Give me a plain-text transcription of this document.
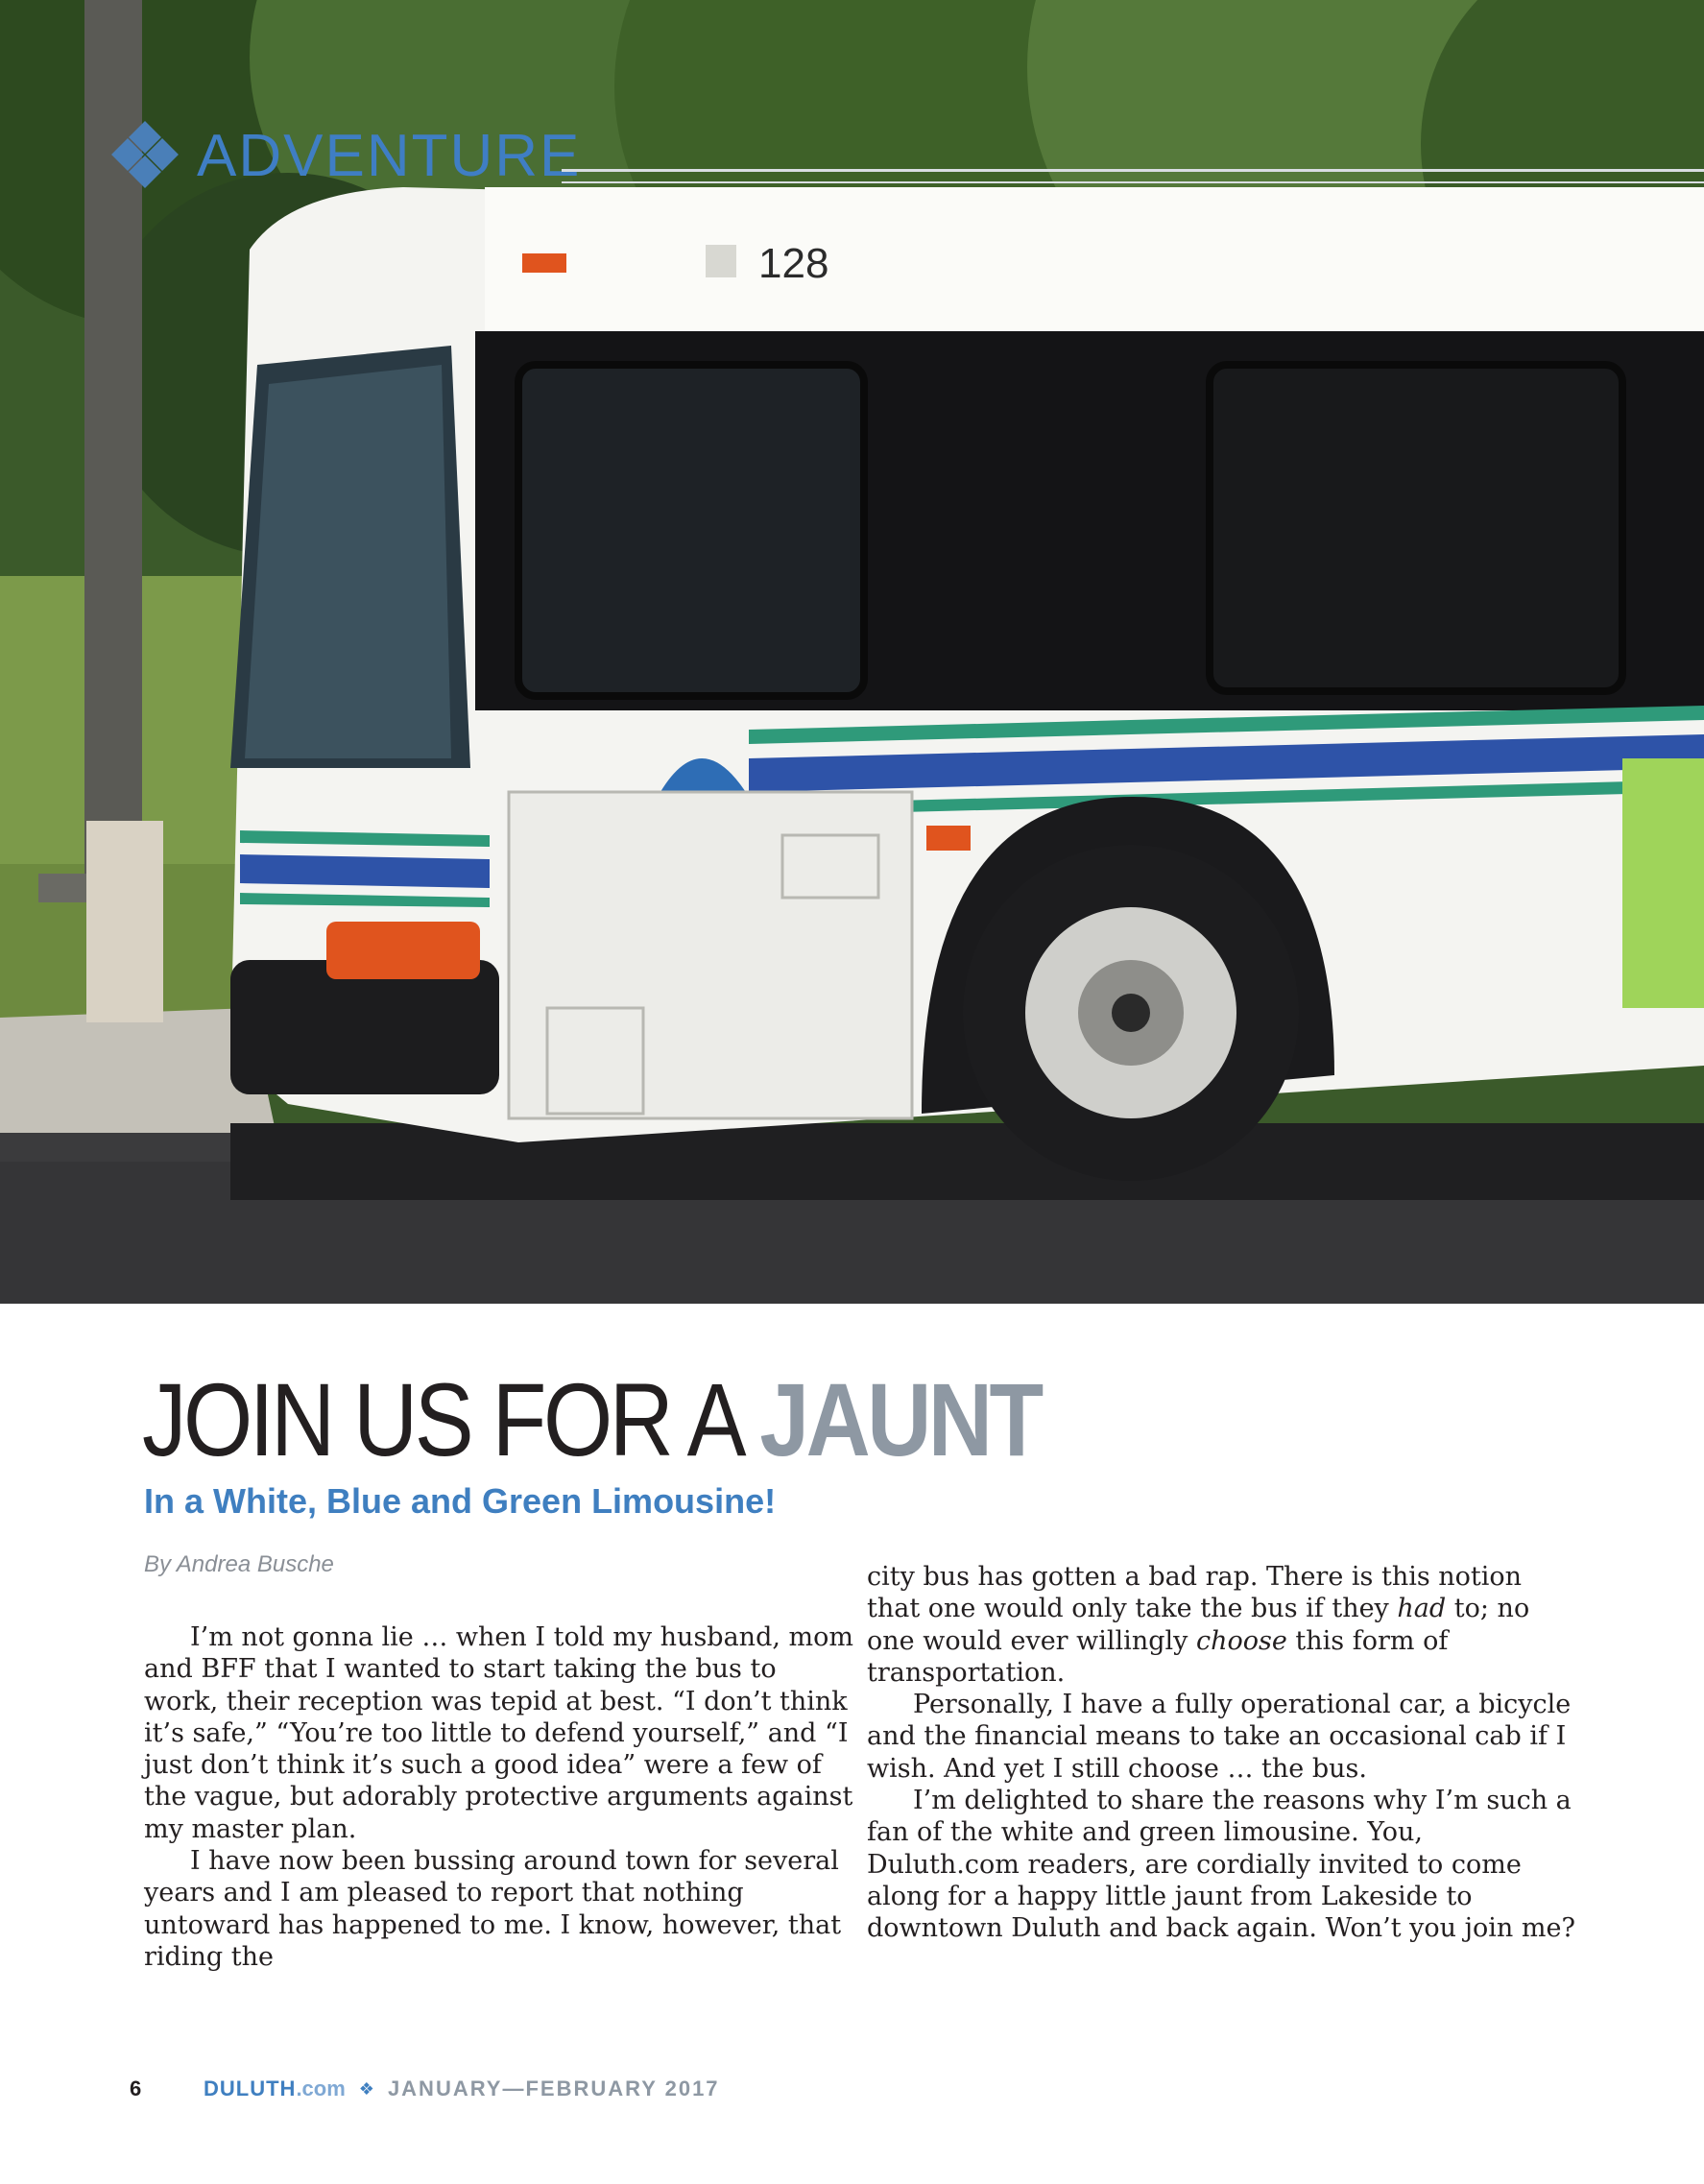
128
ADVENTURE
JOIN US FOR A JAUNT
In a White, Blue and Green Limousine!
By Andrea Busche

I’m not gonna lie … when I told my husband, mom and BFF that I wanted to start taking the bus to work, their reception was tepid at best. “I don’t think it’s safe,” “You’re too little to defend yourself,” and “I just don’t think it’s such a good idea” were a few of the vague, but adorably protective arguments against my master plan.

I have now been bussing around town for several years and I am pleased to report that nothing untoward has happened to me. I know, however, that riding the

city bus has gotten a bad rap. There is this notion that one would only take the bus if they had to; no one would ever willingly choose this form of transportation.

Personally, I have a fully operational car, a bicycle and the financial means to take an occasional cab if I wish. And yet I still choose … the bus.

I’m delighted to share the reasons why I’m such a fan of the white and green limousine. You, Duluth.com readers, are cordially invited to come along for a happy little jaunt from Lakeside to downtown Duluth and back again. Won’t you join me?

6	DULUTH .com ❖ JANUARY—FEBRUARY 2017
